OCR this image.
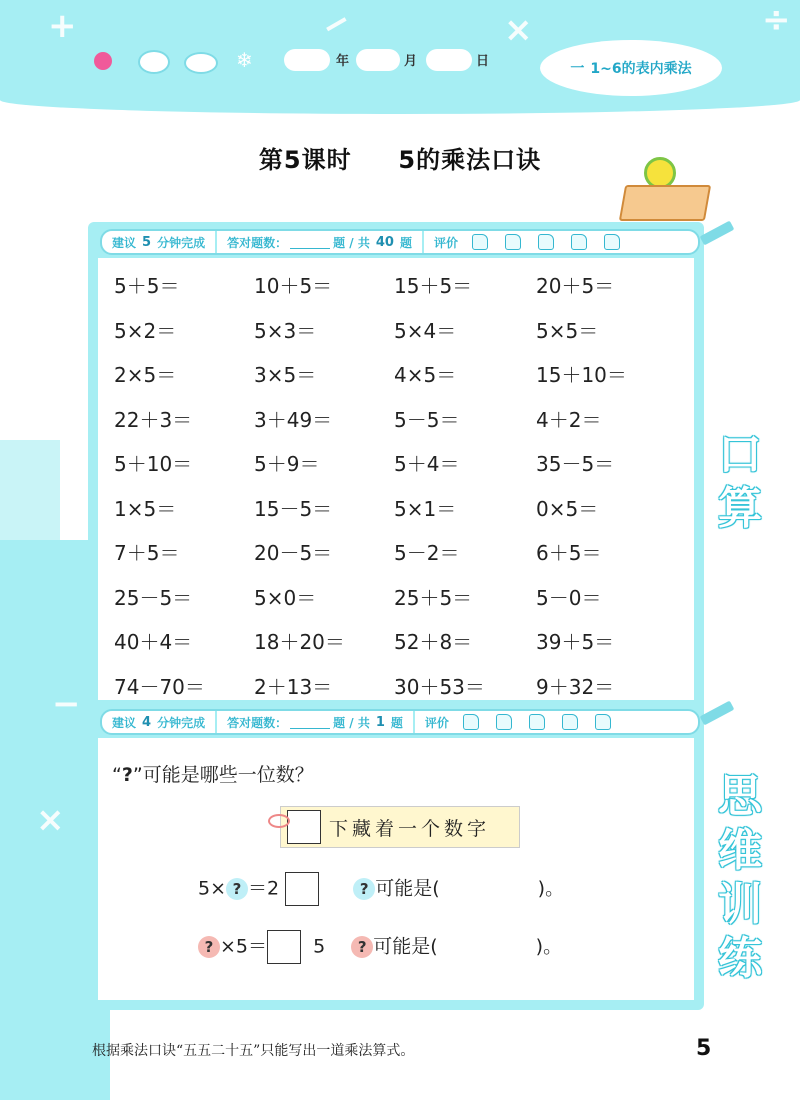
+	−	×	÷
❄	年	月	日	一 1~6的表内乘法
第5课时 5的乘法口诀
−
×
建议 5 分钟完成 答对题数：	题 / 共 40 题 评价
5＋5＝	10＋5＝	15＋5＝	20＋5＝
5×2＝	5×3＝	5×4＝	5×5＝
2×5＝	3×5＝	4×5＝	15＋10＝
22＋3＝	3＋49＝	5－5＝	4＋2＝
5＋10＝	5＋9＝	5＋4＝	35－5＝
1×5＝	15－5＝	5×1＝	0×5＝
7＋5＝	20－5＝	5－2＝	6＋5＝
25－5＝	5×0＝	25＋5＝	5－0＝
40＋4＝	18＋20＝ 52＋8＝	39＋5＝
74－70＝ 2＋13＝	30＋53＝	9＋32＝
口
算
建议 4 分钟完成 答对题数：	题 / 共 1 题 评价
“?”可能是哪些一位数？
下藏着一个数字
5× ? ＝2	? 可能是(	)。
? ×5＝ 5 ? 可能是(	)。
思
维
训
练
根据乘法口诀“五五二十五”只能写出一道乘法算式。	5
